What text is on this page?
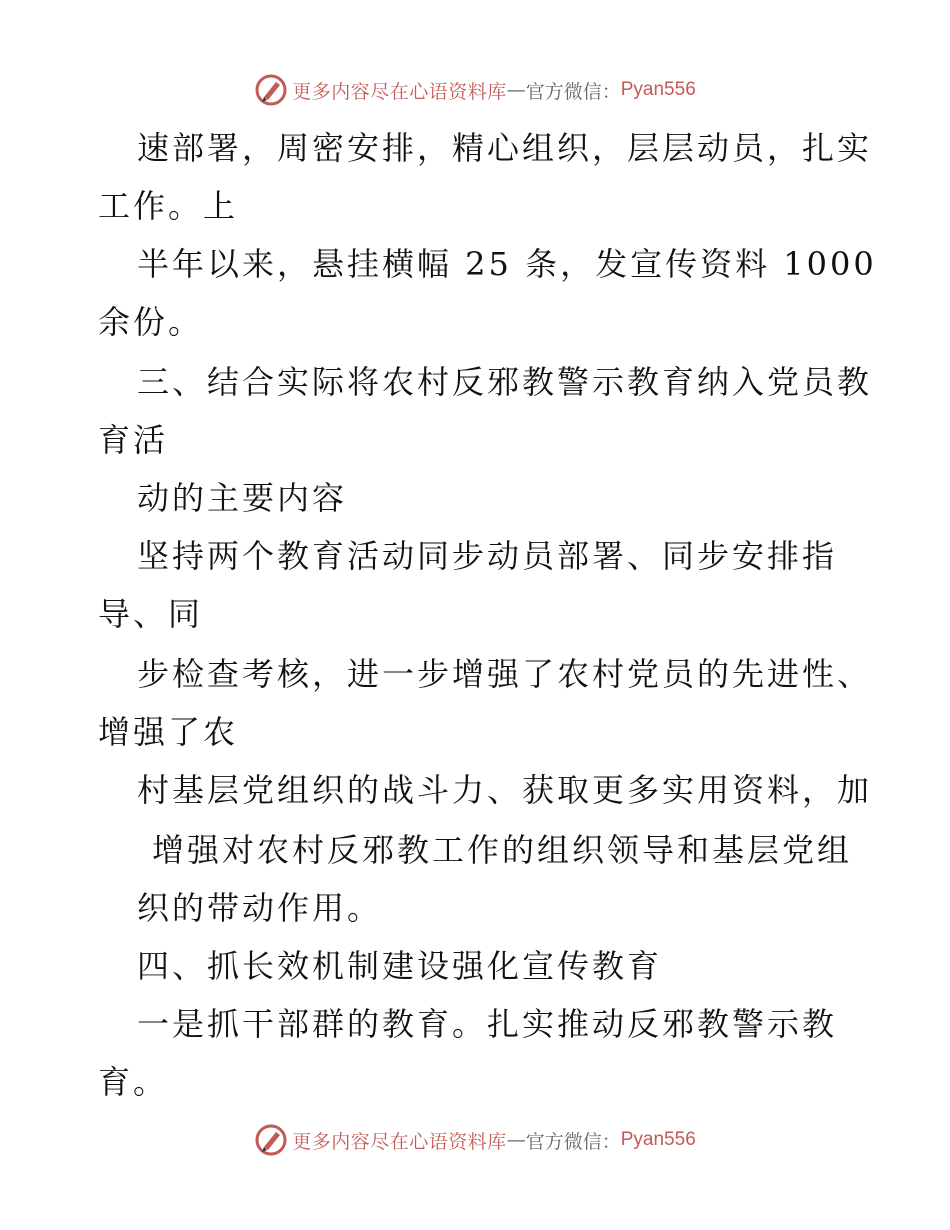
更多内容尽在心语资料库 — 官方微信： Pyan556
速部署，周密安排，精心组织，层层动员，扎实
工作。上
半年以来，悬挂横幅 25 条，发宣传资料 1000
余份。
三、结合实际将农村反邪教警示教育纳入党员教
育活
动的主要内容
坚持两个教育活动同步动员部署、同步安排指
导、同
步检查考核，进一步增强了农村党员的先进性、
增强了农
村基层党组织的战斗力、获取更多实用资料，加
增强对农村反邪教工作的组织领导和基层党组
织的带动作用。
四、抓长效机制建设强化宣传教育
一是抓干部群的教育。扎实推动反邪教警示教
育。
更多内容尽在心语资料库 — 官方微信： Pyan556
